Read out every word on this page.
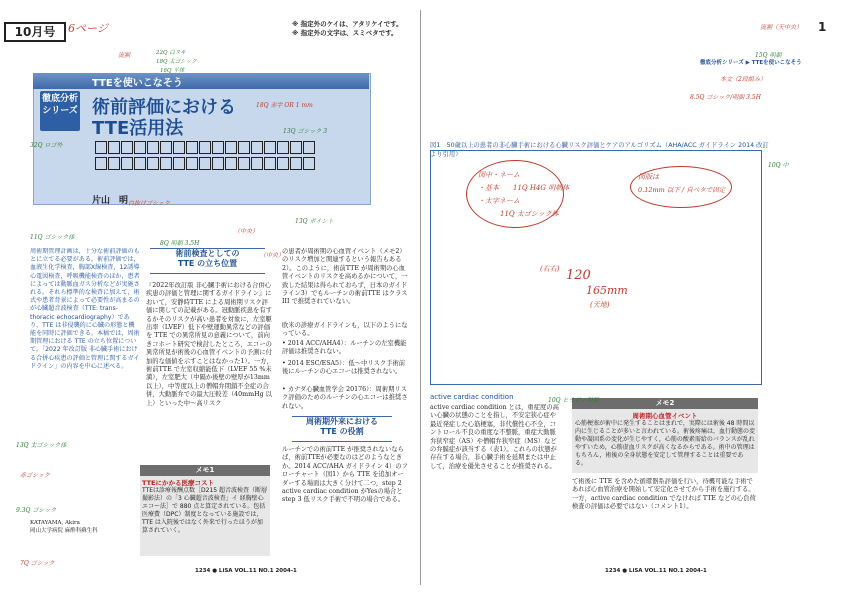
10月号	6ページ	※ 指定外のケイは、アタリケイです。
※ 指定外の文字は、スミベタです。	1
流割（天中央）
TTEを使いこなそう
徹底分析シリーズ 術前評価における
TTE活用法
片山　明
32Q ロゴ外
流割	22Q 白ヌキ
18Q 太ゴシック
16Q 平体
18Q 赤字 OR 1 mm
13Q ゴシック 3
白抜けゴシック
13Q ポイント
（中央）
11Q ゴシック体
8Q 明朝 3.5H
7Q ゴシック
周術期管理計画は，十分な術前評価のもとに立てる必要がある。術前評価では，血液生化学検査，胸部X線検査，12誘導心電図検査，呼吸機能検査のほか，患者によっては動脈血ガス分析などが実施される。それら標準的な検査に加えて，術式や患者背景によって必要性が高まるのが心臓超音波検査（TTE: trans-thoracic echocardiography）であり，TTE は非侵襲的に心臓の形態と機能を同時に評価できる。本稿では，周術期管理における TTE の立ち位置について，「2022 年改訂版 非心臓手術における合併心疾患の評価と管理に関するガイドライン」の内容を中心に述べる。
KATAYAMA, Akira
岡山大学病院 麻酔科蘇生科
術前検査としての
TTE の立ち位置
『2022年改訂版 非心臓手術における合併心疾患の評価と管理に関するガイドライン』において，安静時TTE による周術期リスク評価に関しての記載がある。冠動脈疾患を有するかそのリスクが高い患者を対象に，左室駆出率（LVEF）低下や壁運動異常などの評価を TTE での異常所見の意義について，前向きコホート研究で検討したところ，エコーの異常所見が術後の心血管イベントの予測に付加的な価値を示すことはなかった1）。一方，術前TTE で左室収縮能低下（LVEF 55 %未満），左室肥大（中隔か後壁の壁厚が13mm 以上），中等度以上の僧帽弁閉鎖不全症の合併，大動脈弁での最大圧較差（40mmHg 以上）といった中〜高リスク
メモ1
TTEにかかる医療コスト
TTEは診療報酬点数［D215 超音波検査（断層撮影法）の「3 心臓超音波検査」イ 経胸壁心エコー法］で 880 点と算定されている。包括医療費（DPC）制度となっている施設では，TTE は入院後ではなく外来で行ったほうが加算されていく。
の患者が周術期の心血管イベント（メモ2）のリスク増加と関連するという報告もある2）。このように，術前TTE が周術期の心血管イベントのリスクを高めるかについて，一致した結果は得られておらず，日本のガイドライン3）でもルーチンの術前TTE はクラス III で推奨されていない。
欧米の診療ガイドラインも，以下のようになっている。
• 2014 ACC/AHA4）：ルーチンの左室機能評価は推奨されない。
• 2014 ESC/ESA5）：低〜中リスク手術前後にルーチンの心エコーは推奨されない。
• カナダ心臓血管学会 20176）：周術期リスク評価のためのルーチンの心エコーは推奨されない。
周術期外来における
TTE の役割
ルーチンでの術前TTE が推奨されないならば，術前TTEが必要なのはどのようなときか。2014 ACC/AHA ガイドライン 4）のフローチャート（図1）から TTE を追加オーダーする場面は大きく分けて二つ，step 2 active cardiac condition がYesの場合と step 3 低リスク手術で不明の場合である。
1234 ● LiSA VOL.11 NO.1 2004-1
徹底分析シリーズ ▶ TTEを使いこなそう
本文（2段組み）
8.5Q ゴシック/明朝 3.5H
15Q 明朝
図1　50歳以上の患者の非心臓手術における心臓リスク評価とケアのアルゴリズム（AHA/ACC ガイドライン 2014 改訂より引用）
図中・ネーム
・基本　　11Q H4G 明朝体
・太字ネーム
11Q 太ゴシック体
図版は
0.12mm 以下 / 自ペタで固定
(右右) 120
165mm
(天地)
active cardiac condition
active cardiac condition とは，重症度の高い心臓の状態のことを指し，不安定狭心症や最近発症した心筋梗塞，非代償性心不全，コントロール不良の重度な不整脈，重症大動脈弁狭窄症（AS）や僧帽弁狭窄症（MS）などの弁膜症が該当する（表1）。これらの状態が存在する場合，非心臓手術を延期または中止して，治療を優先させることが推奨される。
メモ2
周術期心血管イベント
心筋梗塞が術中に発生することはまれで，実際には術後 48 時間以内に生じることが多いと言われている。術後疼痛は，血行動態の変動や凝固系の変化が生じやすく，心筋の酸素需給のバランスが乱れやすいため，心筋虚血リスクが高くなるからである。術中の管理はもちろん，術後の全身状態を安定して管理することは重要である。
て術後に TTE を含めた循環器系評価を行い，待機可能な手術であれば心血管治療を開始して安定化させてから手術を施行する。一方，active cardiac condition でなければ TTE などの心負荷検査の評価は必要ではない（コメント1）。
1234 ● LiSA VOL.11 NO.1 2004-1
10Q ヒラギノ明朝
10Q 中
13Q 太ゴシック体
赤ゴシック
9.3Q ゴシック
（中央）
